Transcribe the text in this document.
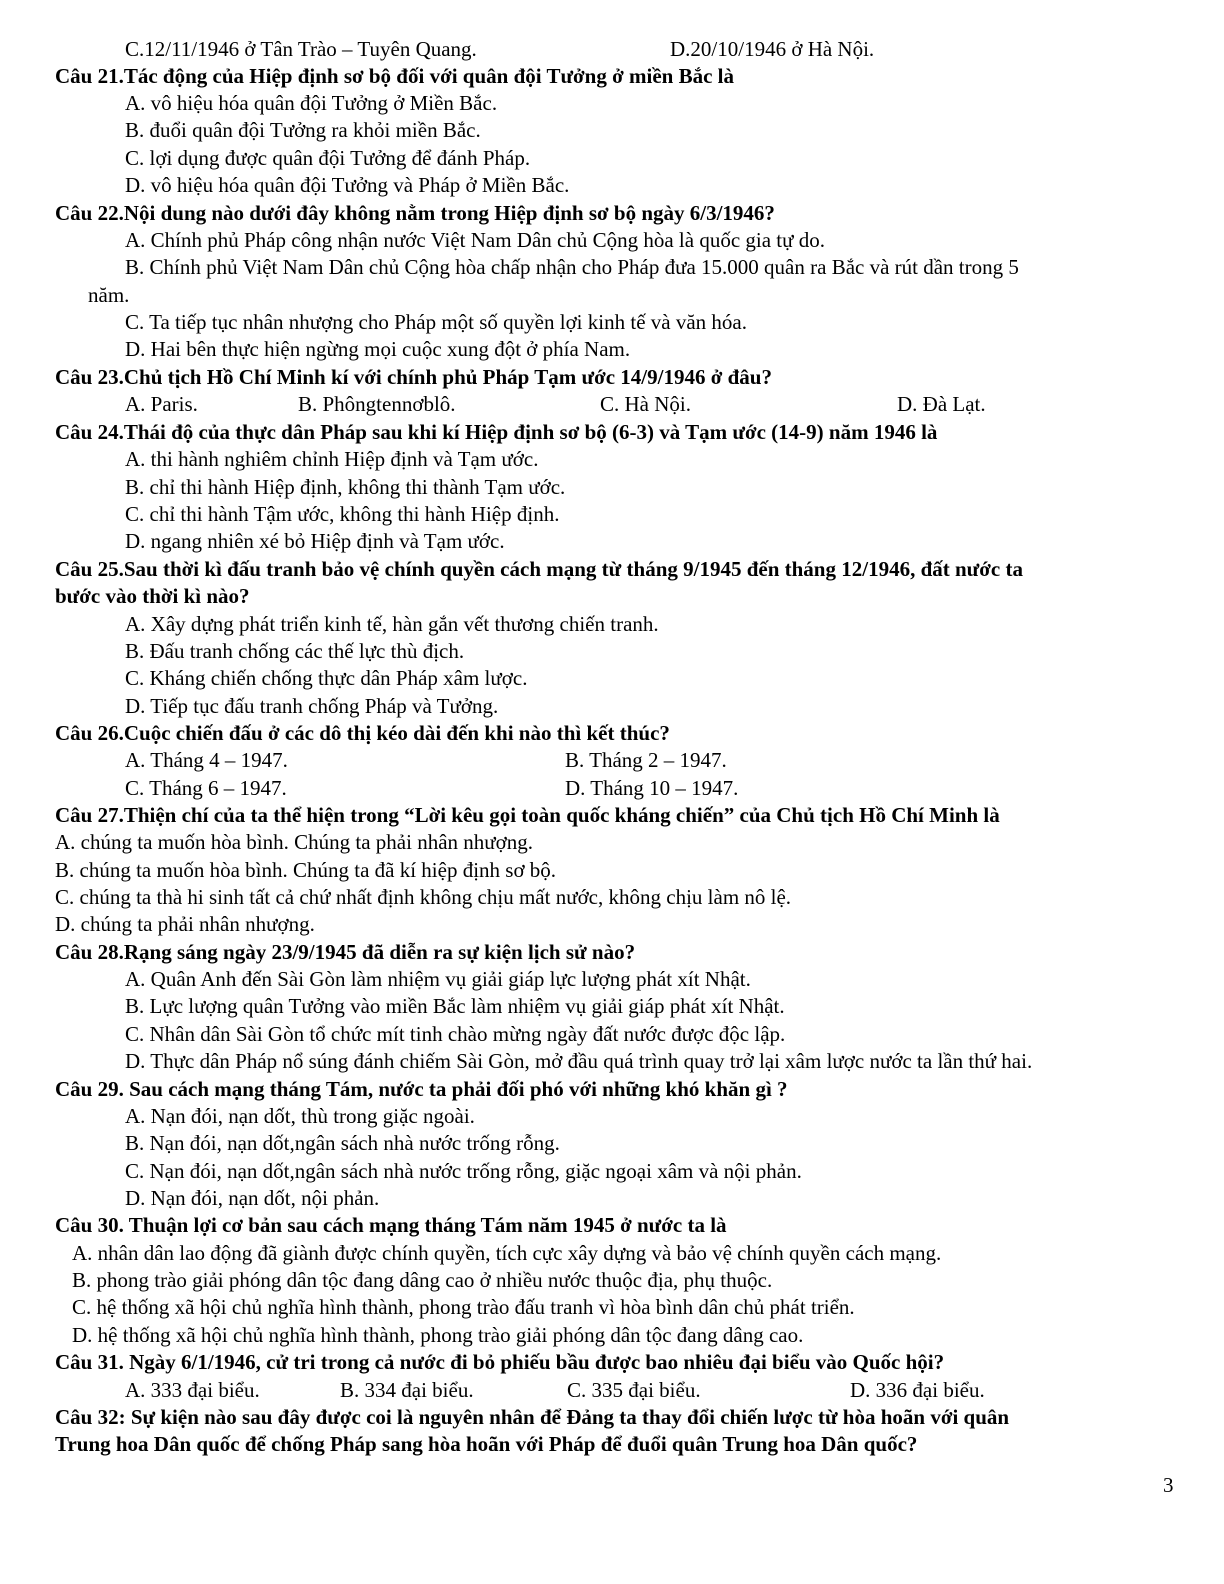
C.12/11/1946 ở Tân Trào – Tuyên Quang.	D.20/10/1946 ở Hà Nội.
Câu 21.Tác động của Hiệp định sơ bộ đối với quân đội Tưởng ở miền Bắc là
A. vô hiệu hóa quân đội Tưởng ở Miền Bắc.
B. đuổi quân đội Tưởng ra khỏi miền Bắc.
C. lợi dụng được quân đội Tưởng để đánh Pháp.
D. vô hiệu hóa quân đội Tưởng và Pháp ở Miền Bắc.
Câu 22.Nội dung nào dưới đây không nằm trong Hiệp định sơ bộ ngày 6/3/1946?
A. Chính phủ Pháp công nhận nước Việt Nam Dân chủ Cộng hòa là quốc gia tự do.
B. Chính phủ Việt Nam Dân chủ Cộng hòa chấp nhận cho Pháp đưa 15.000 quân ra Bắc và rút dần trong 5
năm.
C. Ta tiếp tục nhân nhượng cho Pháp một số quyền lợi kinh tế và văn hóa.
D. Hai bên thực hiện ngừng mọi cuộc xung đột ở phía Nam.
Câu 23.Chủ tịch Hồ Chí Minh kí với chính phủ Pháp Tạm ước 14/9/1946 ở đâu?
A. Paris.	B. Phôngtennơblô.	C. Hà Nội.	D. Đà Lạt.
Câu 24.Thái độ của thực dân Pháp sau khi kí Hiệp định sơ bộ (6-3) và Tạm ước (14-9) năm 1946 là
A. thi hành nghiêm chỉnh Hiệp định và Tạm ước.
B. chỉ thi hành Hiệp định, không thi thành Tạm ước.
C. chỉ thi hành Tậm ước, không thi hành Hiệp định.
D. ngang nhiên xé bỏ Hiệp định và Tạm ước.
Câu 25.Sau thời kì đấu tranh bảo vệ chính quyền cách mạng từ tháng 9/1945 đến tháng 12/1946, đất nước ta
bước vào thời kì nào?
A. Xây dựng phát triển kinh tế, hàn gắn vết thương chiến tranh.
B. Đấu tranh chống các thế lực thù địch.
C. Kháng chiến chống thực dân Pháp xâm lược.
D. Tiếp tục đấu tranh chống Pháp và Tưởng.
Câu 26.Cuộc chiến đấu ở các dô thị kéo dài đến khi nào thì kết thúc?
A. Tháng 4 – 1947.	B. Tháng 2 – 1947.
C. Tháng 6 – 1947.	D. Tháng 10 – 1947.
Câu 27.Thiện chí của ta thể hiện trong “Lời kêu gọi toàn quốc kháng chiến” của Chủ tịch Hồ Chí Minh là
A. chúng ta muốn hòa bình. Chúng ta phải nhân nhượng.
B. chúng ta muốn hòa bình. Chúng ta đã kí hiệp định sơ bộ.
C. chúng ta thà hi sinh tất cả chứ nhất định không chịu mất nước, không chịu làm nô lệ.
D. chúng ta phải nhân nhượng.
Câu 28.Rạng sáng ngày 23/9/1945 đã diễn ra sự kiện lịch sử nào?
A. Quân Anh đến Sài Gòn làm nhiệm vụ giải giáp lực lượng phát xít Nhật.
B. Lực lượng quân Tưởng vào miền Bắc làm nhiệm vụ giải giáp phát xít Nhật.
C. Nhân dân Sài Gòn tổ chức mít tinh chào mừng ngày đất nước được độc lập.
D. Thực dân Pháp nổ súng đánh chiếm Sài Gòn, mở đầu quá trình quay trở lại xâm lược nước ta lần thứ hai.
Câu 29. Sau cách mạng tháng Tám, nước ta phải đối phó với những khó khăn gì ?
A. Nạn đói, nạn dốt, thù trong giặc ngoài.
B. Nạn đói, nạn dốt,ngân sách nhà nước trống rỗng.
C. Nạn đói, nạn dốt,ngân sách nhà nước trống rỗng, giặc ngoại xâm và nội phản.
D. Nạn đói, nạn dốt, nội phản.
Câu 30. Thuận lợi cơ bản sau cách mạng tháng Tám năm 1945 ở nước ta là
A. nhân dân lao động đã giành được chính quyền, tích cực xây dựng và bảo vệ chính quyền cách mạng.
B. phong trào giải phóng dân tộc đang dâng cao ở nhiều nước thuộc địa, phụ thuộc.
C. hệ thống xã hội chủ nghĩa hình thành, phong trào đấu tranh vì hòa bình dân chủ phát triển.
D. hệ thống xã hội chủ nghĩa hình thành, phong trào giải phóng dân tộc đang dâng cao.
Câu 31. Ngày 6/1/1946, cử tri trong cả nước đi bỏ phiếu bầu được bao nhiêu đại biểu vào Quốc hội?
A. 333 đại biểu.	B. 334 đại biểu.	C. 335 đại biểu.	D. 336 đại biểu.
Câu 32: Sự kiện nào sau đây được coi là nguyên nhân để Đảng ta thay đổi chiến lược từ hòa hoãn với quân
Trung hoa Dân quốc để chống Pháp sang hòa hoãn với Pháp để đuổi quân Trung hoa Dân quốc?
3
